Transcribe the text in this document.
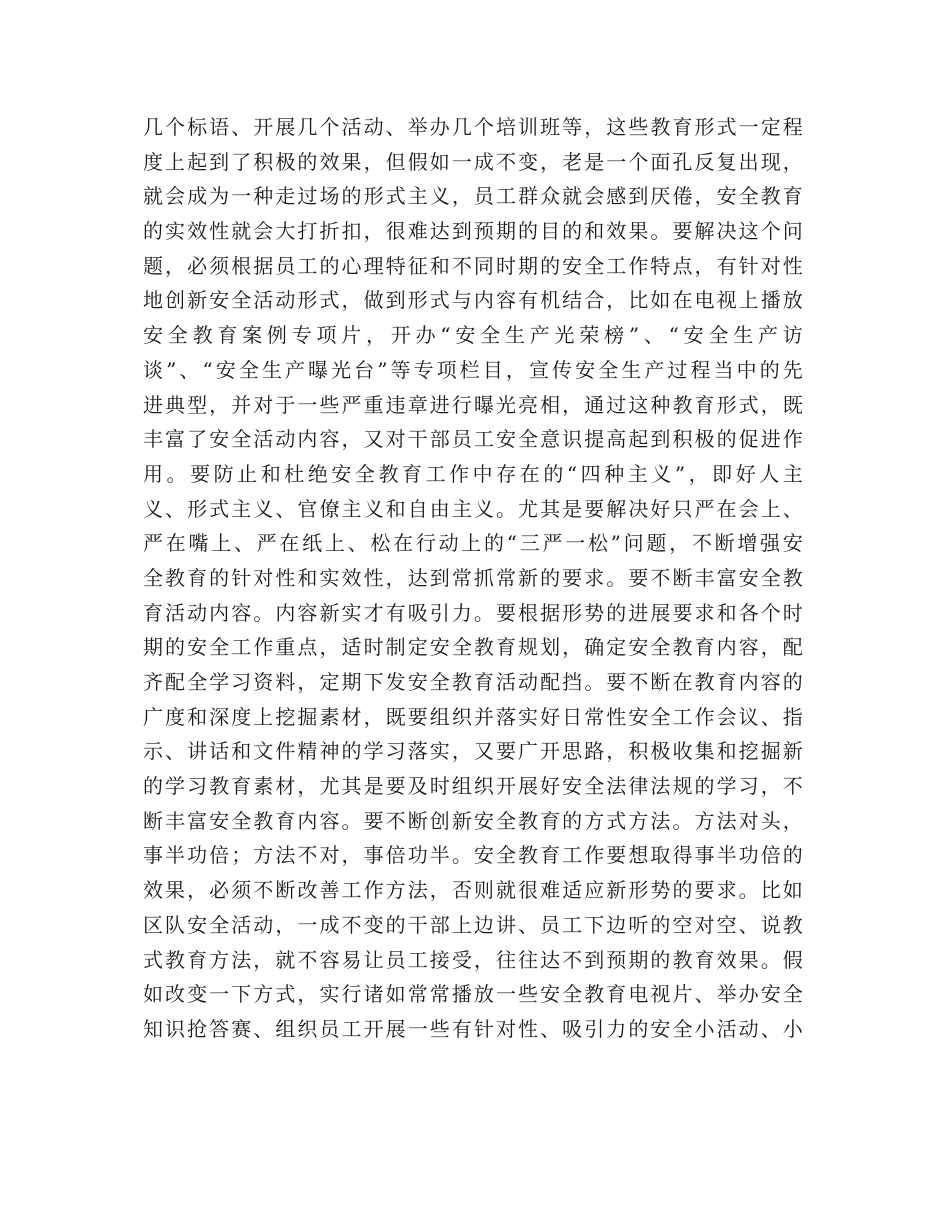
几个标语、开展几个活动、举办几个培训班等，这些教育形式一定程
度上起到了积极的效果，但假如一成不变，老是一个面孔反复出现，
就会成为一种走过场的形式主义，员工群众就会感到厌倦，安全教育
的实效性就会大打折扣，很难达到预期的目的和效果。要解决这个问
题，必须根据员工的心理特征和不同时期的安全工作特点，有针对性
地创新安全活动形式，做到形式与内容有机结合，比如在电视上播放
安全教育案例专项片，开办“安全生产光荣榜”、“安全生产访
谈”、“安全生产曝光台”等专项栏目，宣传安全生产过程当中的先
进典型，并对于一些严重违章进行曝光亮相，通过这种教育形式，既
丰富了安全活动内容，又对干部员工安全意识提高起到积极的促进作
用。要防止和杜绝安全教育工作中存在的“四种主义”，即好人主
义、形式主义、官僚主义和自由主义。尤其是要解决好只严在会上、
严在嘴上、严在纸上、松在行动上的“三严一松”问题，不断增强安
全教育的针对性和实效性，达到常抓常新的要求。要不断丰富安全教
育活动内容。内容新实才有吸引力。要根据形势的进展要求和各个时
期的安全工作重点，适时制定安全教育规划，确定安全教育内容，配
齐配全学习资料，定期下发安全教育活动配挡。要不断在教育内容的
广度和深度上挖掘素材，既要组织并落实好日常性安全工作会议、指
示、讲话和文件精神的学习落实，又要广开思路，积极收集和挖掘新
的学习教育素材，尤其是要及时组织开展好安全法律法规的学习，不
断丰富安全教育内容。要不断创新安全教育的方式方法。方法对头，
事半功倍；方法不对，事倍功半。安全教育工作要想取得事半功倍的
效果，必须不断改善工作方法，否则就很难适应新形势的要求。比如
区队安全活动，一成不变的干部上边讲、员工下边听的空对空、说教
式教育方法，就不容易让员工接受，往往达不到预期的教育效果。假
如改变一下方式，实行诸如常常播放一些安全教育电视片、举办安全
知识抢答赛、组织员工开展一些有针对性、吸引力的安全小活动、小
